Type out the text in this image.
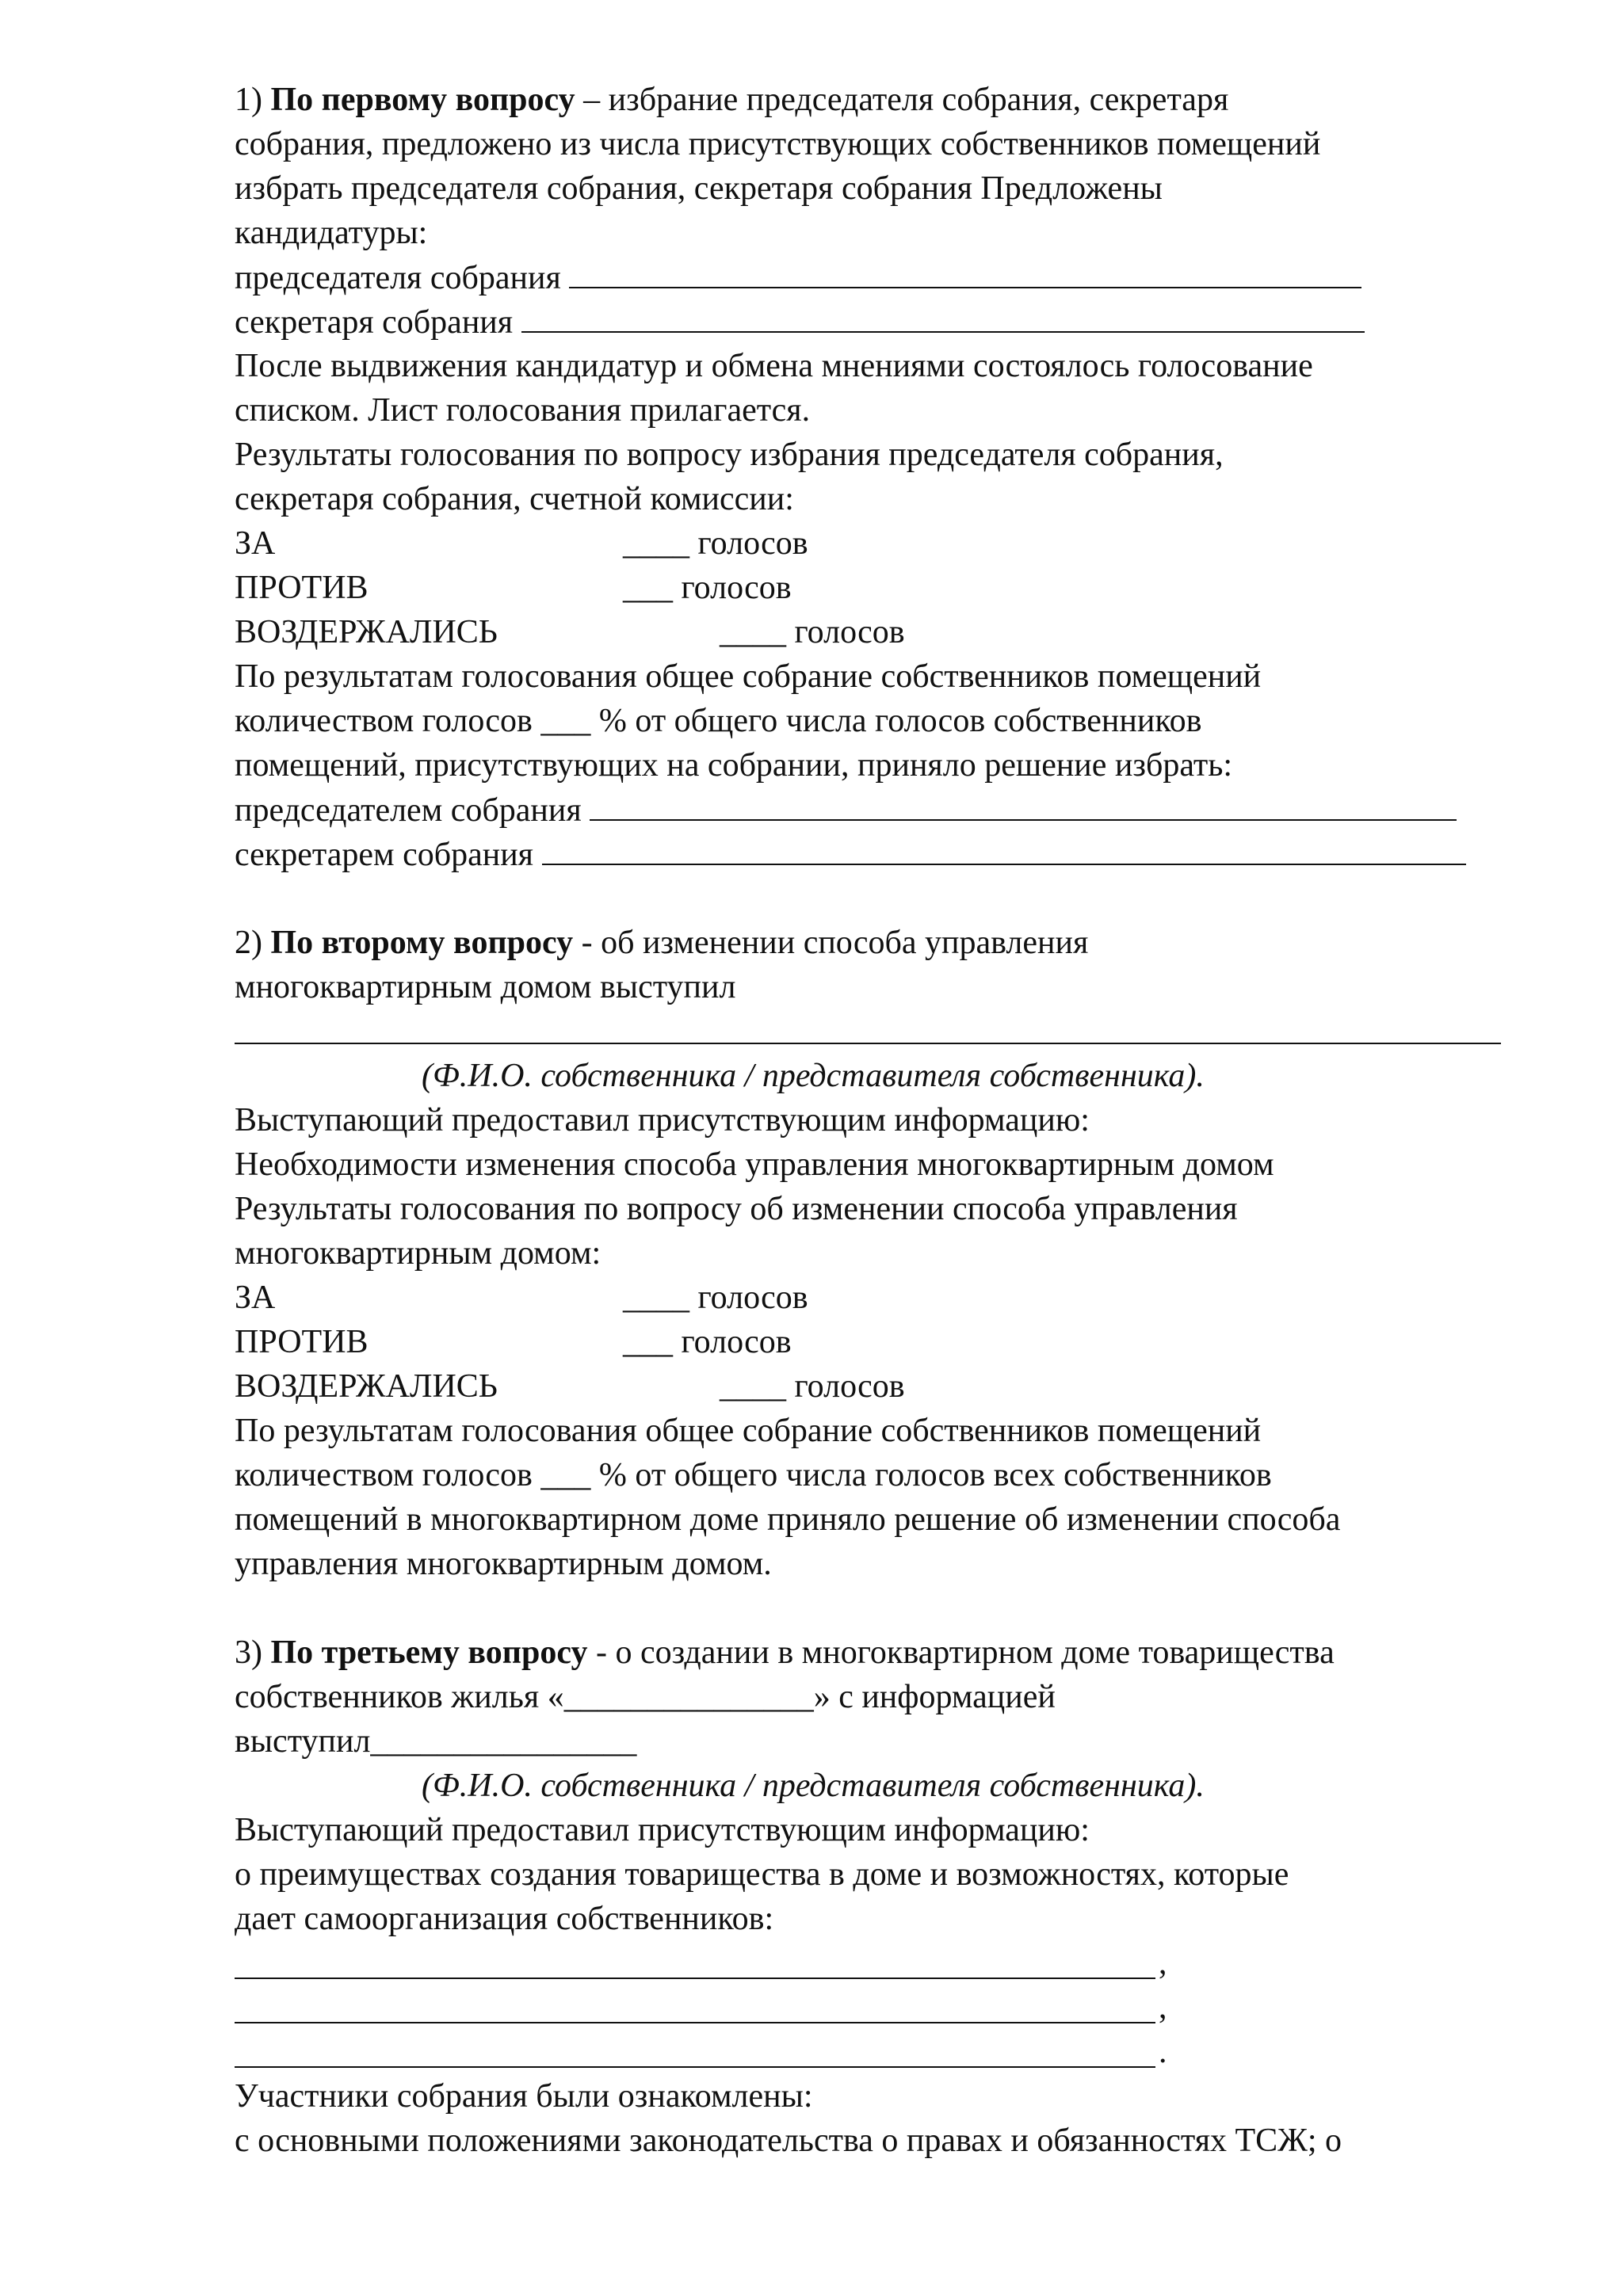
1) По первому вопросу – избрание председателя собрания, секретаря
собрания, предложено из числа присутствующих собственников помещений
избрать председателя собрания, секретаря собрания Предложены
кандидатуры:
председателя собрания
секретаря собрания
После выдвижения кандидатур и обмена мнениями состоялось голосование
списком. Лист голосования прилагается.
Результаты голосования по вопросу избрания председателя собрания,
секретаря собрания, счетной комиссии:
ЗА	____ голосов
ПРОТИВ	___ голосов
ВОЗДЕРЖАЛИСЬ	____ голосов
По результатам голосования общее собрание собственников помещений
количеством голосов ___ % от общего числа голосов собственников
помещений, присутствующих на собрании, приняло решение избрать:
председателем собрания
секретарем собрания
2) По второму вопросу - об изменении способа управления
многоквартирным домом выступил
(Ф.И.О. собственника / представителя собственника).
Выступающий предоставил присутствующим информацию:
Необходимости изменения способа управления многоквартирным домом
Результаты голосования по вопросу об изменении способа управления
многоквартирным домом:
ЗА	____ голосов
ПРОТИВ	___ голосов
ВОЗДЕРЖАЛИСЬ	____ голосов
По результатам голосования общее собрание собственников помещений
количеством голосов ___ % от общего числа голосов всех собственников
помещений в многоквартирном доме приняло решение об изменении способа
управления многоквартирным домом.
3) По третьему вопросу - о создании в многоквартирном доме товарищества
собственников жилья «_______________» с информацией
выступил________________
(Ф.И.О. собственника / представителя собственника).
Выступающий предоставил присутствующим информацию:
о преимуществах создания товарищества в доме и возможностях, которые
дает самоорганизация собственников:
,
,
.
Участники собрания были ознакомлены:
с основными положениями законодательства о правах и обязанностях ТСЖ; о
